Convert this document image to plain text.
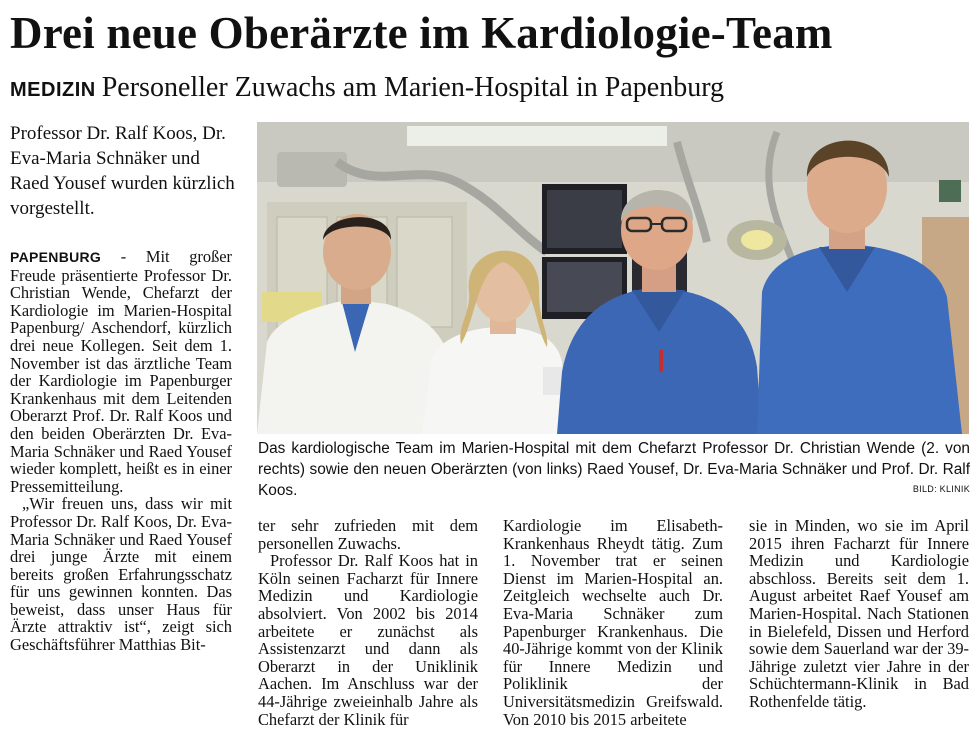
Drei neue Oberärzte im Kardiologie-Team
MEDIZIN Personeller Zuwachs am Marien-Hospital in Papenburg
Professor Dr. Ralf Koos, Dr. Eva-Maria Schnäker und Raed Yousef wurden kürzlich vorgestellt.
Das kardiologische Team im Marien-Hospital mit dem Chefarzt Professor Dr. Christian Wende (2. von rechts) sowie den neuen Oberärzten (von links) Raed Yousef, Dr. Eva-Maria Schnäker und Prof. Dr. Ralf Koos.	BILD: KLINIK

PAPENBURG - Mit großer Freude präsentierte Professor Dr. Christian Wende, Chefarzt der Kardiologie im Marien-Hospital Papenburg/ Aschendorf, kürzlich drei neue Kollegen. Seit dem 1. November ist das ärztliche Team der Kardiologie im Papenburger Krankenhaus mit dem Leitenden Oberarzt Prof. Dr. Ralf Koos und den beiden Oberärzten Dr. Eva-Maria Schnäker und Raed Yousef wieder komplett, heißt es in einer Pressemitteilung.

„Wir freuen uns, dass wir mit Professor Dr. Ralf Koos, Dr. Eva-Maria Schnäker und Raed Yousef drei junge Ärzte mit einem bereits großen Erfahrungsschatz für uns gewinnen konnten. Das beweist, dass unser Haus für Ärzte attraktiv ist“, zeigt sich Geschäftsführer Matthias Bit-

ter sehr zufrieden mit dem personellen Zuwachs.

Professor Dr. Ralf Koos hat in Köln seinen Facharzt für Innere Medizin und Kardiologie absolviert. Von 2002 bis 2014 arbeitete er zunächst als Assistenzarzt und dann als Oberarzt in der Uniklinik Aachen. Im Anschluss war der 44-Jährige zweieinhalb Jahre als Chefarzt der Klinik für

Kardiologie im Elisabeth-Krankenhaus Rheydt tätig. Zum 1. November trat er seinen Dienst im Marien-Hospital an. Zeitgleich wechselte auch Dr. Eva-Maria Schnäker zum Papenburger Krankenhaus. Die 40-Jährige kommt von der Klinik für Innere Medizin und Poliklinik der Universitätsmedizin Greifswald. Von 2010 bis 2015 arbeitete

sie in Minden, wo sie im April 2015 ihren Facharzt für Innere Medizin und Kardiologie abschloss. Bereits seit dem 1. August arbeitet Raef Yousef am Marien-Hospital. Nach Stationen in Bielefeld, Dissen und Herford sowie dem Sauerland war der 39-Jährige zuletzt vier Jahre in der Schüchtermann-Klinik in Bad Rothenfelde tätig.
